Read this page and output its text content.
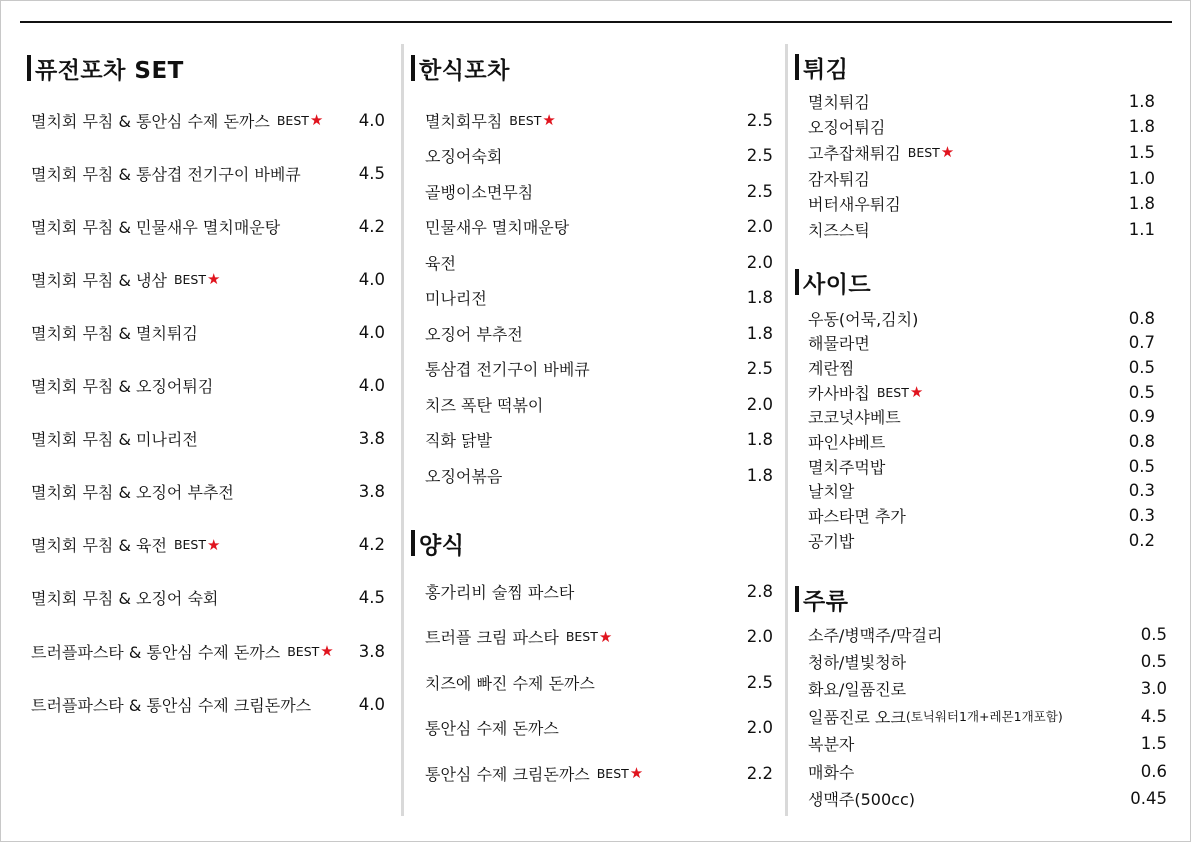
퓨전포차 SET
멸치회 무침 & 통안심 수제 돈까스 BEST ★ 4.0
멸치회 무침 & 통삼겹 전기구이 바베큐	4.5
멸치회 무침 & 민물새우 멸치매운탕	4.2
멸치회 무침 & 냉삼 BEST ★	4.0
멸치회 무침 & 멸치튀김	4.0
멸치회 무침 & 오징어튀김	4.0
멸치회 무침 & 미나리전	3.8
멸치회 무침 & 오징어 부추전	3.8
멸치회 무침 & 육전 BEST ★	4.2
멸치회 무침 & 오징어 숙회	4.5
트러플파스타 & 통안심 수제 돈까스 BEST ★ 3.8
트러플파스타 & 통안심 수제 크림돈까스	4.0
한식포차
멸치회무침 BEST ★	2.5
오징어숙회	2.5
골뱅이소면무침	2.5
민물새우 멸치매운탕	2.0
육전	2.0
미나리전	1.8
오징어 부추전	1.8
통삼겹 전기구이 바베큐	2.5
치즈 폭탄 떡볶이	2.0
직화 닭발	1.8
오징어볶음	1.8
양식
홍가리비 술찜 파스타	2.8
트러플 크림 파스타 BEST ★	2.0
치즈에 빠진 수제 돈까스	2.5
통안심 수제 돈까스	2.0
통안심 수제 크림돈까스 BEST ★	2.2
튀김
멸치튀김	1.8
오징어튀김	1.8
고추잡채튀김 BEST ★	1.5
감자튀김	1.0
버터새우튀김	1.8
치즈스틱	1.1
사이드
우동(어묵,김치)	0.8
해물라면	0.7
계란찜	0.5
카사바칩 BEST ★	0.5
코코넛샤베트	0.9
파인샤베트	0.8
멸치주먹밥	0.5
날치알	0.3
파스타면 추가	0.3
공기밥	0.2
주류
소주/병맥주/막걸리	0.5
청하/별빛청하	0.5
화요/일품진로	3.0
일품진로 오크 (토닉워터1개+레몬1개포함)	4.5
복분자	1.5
매화수	0.6
생맥주(500cc)	0.45
